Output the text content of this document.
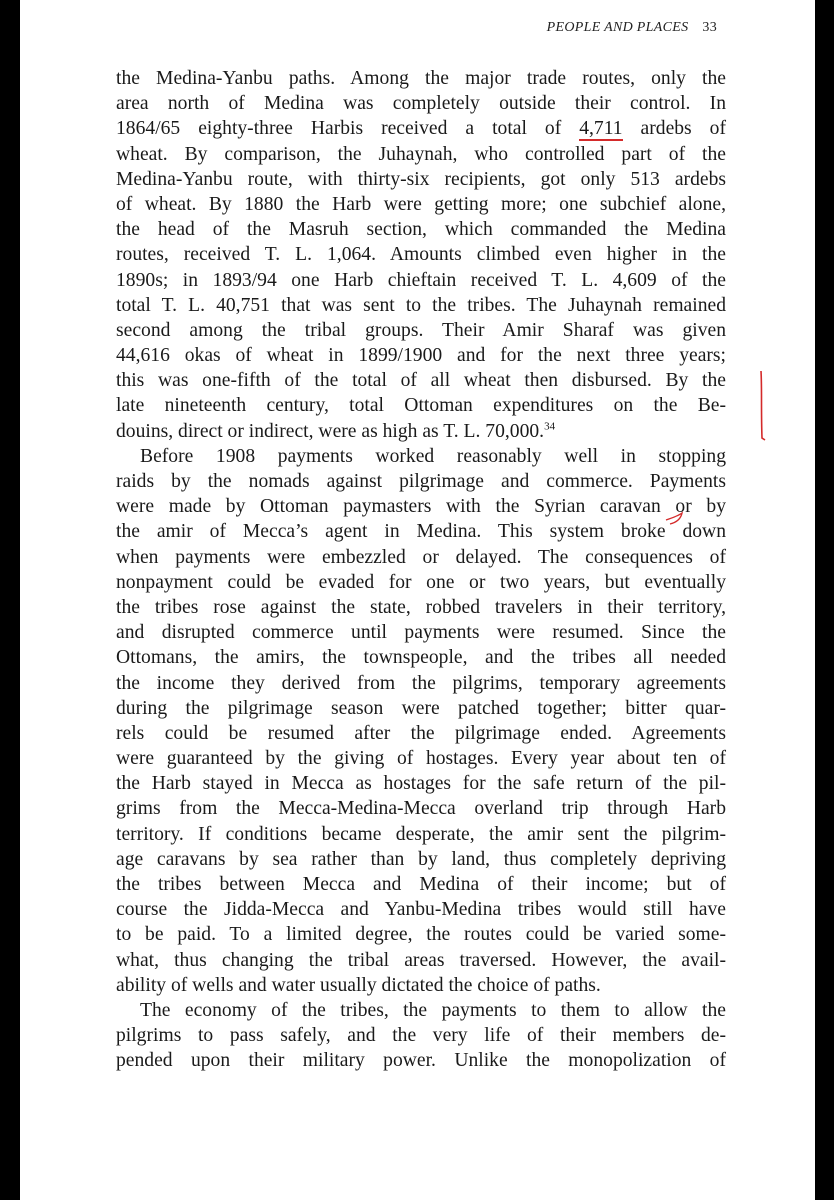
PEOPLE AND PLACES 33
the Medina-Yanbu paths. Among the major trade routes, only the
area north of Medina was completely outside their control. In
1864/65 eighty-three Harbis received a total of 4,711 ardebs of
wheat. By comparison, the Juhaynah, who controlled part of the
Medina-Yanbu route, with thirty-six recipients, got only 513 ardebs
of wheat. By 1880 the Harb were getting more; one subchief alone,
the head of the Masruh section, which commanded the Medina
routes, received T. L. 1,064. Amounts climbed even higher in the
1890s; in 1893/94 one Harb chieftain received T. L. 4,609 of the
total T. L. 40,751 that was sent to the tribes. The Juhaynah remained
second among the tribal groups. Their Amir Sharaf was given
44,616 okas of wheat in 1899/1900 and for the next three years;
this was one-fifth of the total of all wheat then disbursed. By the
late nineteenth century, total Ottoman expenditures on the Be-
douins, direct or indirect, were as high as T. L. 70,000.34
Before 1908 payments worked reasonably well in stopping
raids by the nomads against pilgrimage and commerce. Payments
were made by Ottoman paymasters with the Syrian caravan or by
the amir of Mecca’s agent in Medina. This system broke down
when payments were embezzled or delayed. The consequences of
nonpayment could be evaded for one or two years, but eventually
the tribes rose against the state, robbed travelers in their territory,
and disrupted commerce until payments were resumed. Since the
Ottomans, the amirs, the townspeople, and the tribes all needed
the income they derived from the pilgrims, temporary agreements
during the pilgrimage season were patched together; bitter quar-
rels could be resumed after the pilgrimage ended. Agreements
were guaranteed by the giving of hostages. Every year about ten of
the Harb stayed in Mecca as hostages for the safe return of the pil-
grims from the Mecca-Medina-Mecca overland trip through Harb
territory. If conditions became desperate, the amir sent the pilgrim-
age caravans by sea rather than by land, thus completely depriving
the tribes between Mecca and Medina of their income; but of
course the Jidda-Mecca and Yanbu-Medina tribes would still have
to be paid. To a limited degree, the routes could be varied some-
what, thus changing the tribal areas traversed. However, the avail-
ability of wells and water usually dictated the choice of paths.
The economy of the tribes, the payments to them to allow the
pilgrims to pass safely, and the very life of their members de-
pended upon their military power. Unlike the monopolization of
